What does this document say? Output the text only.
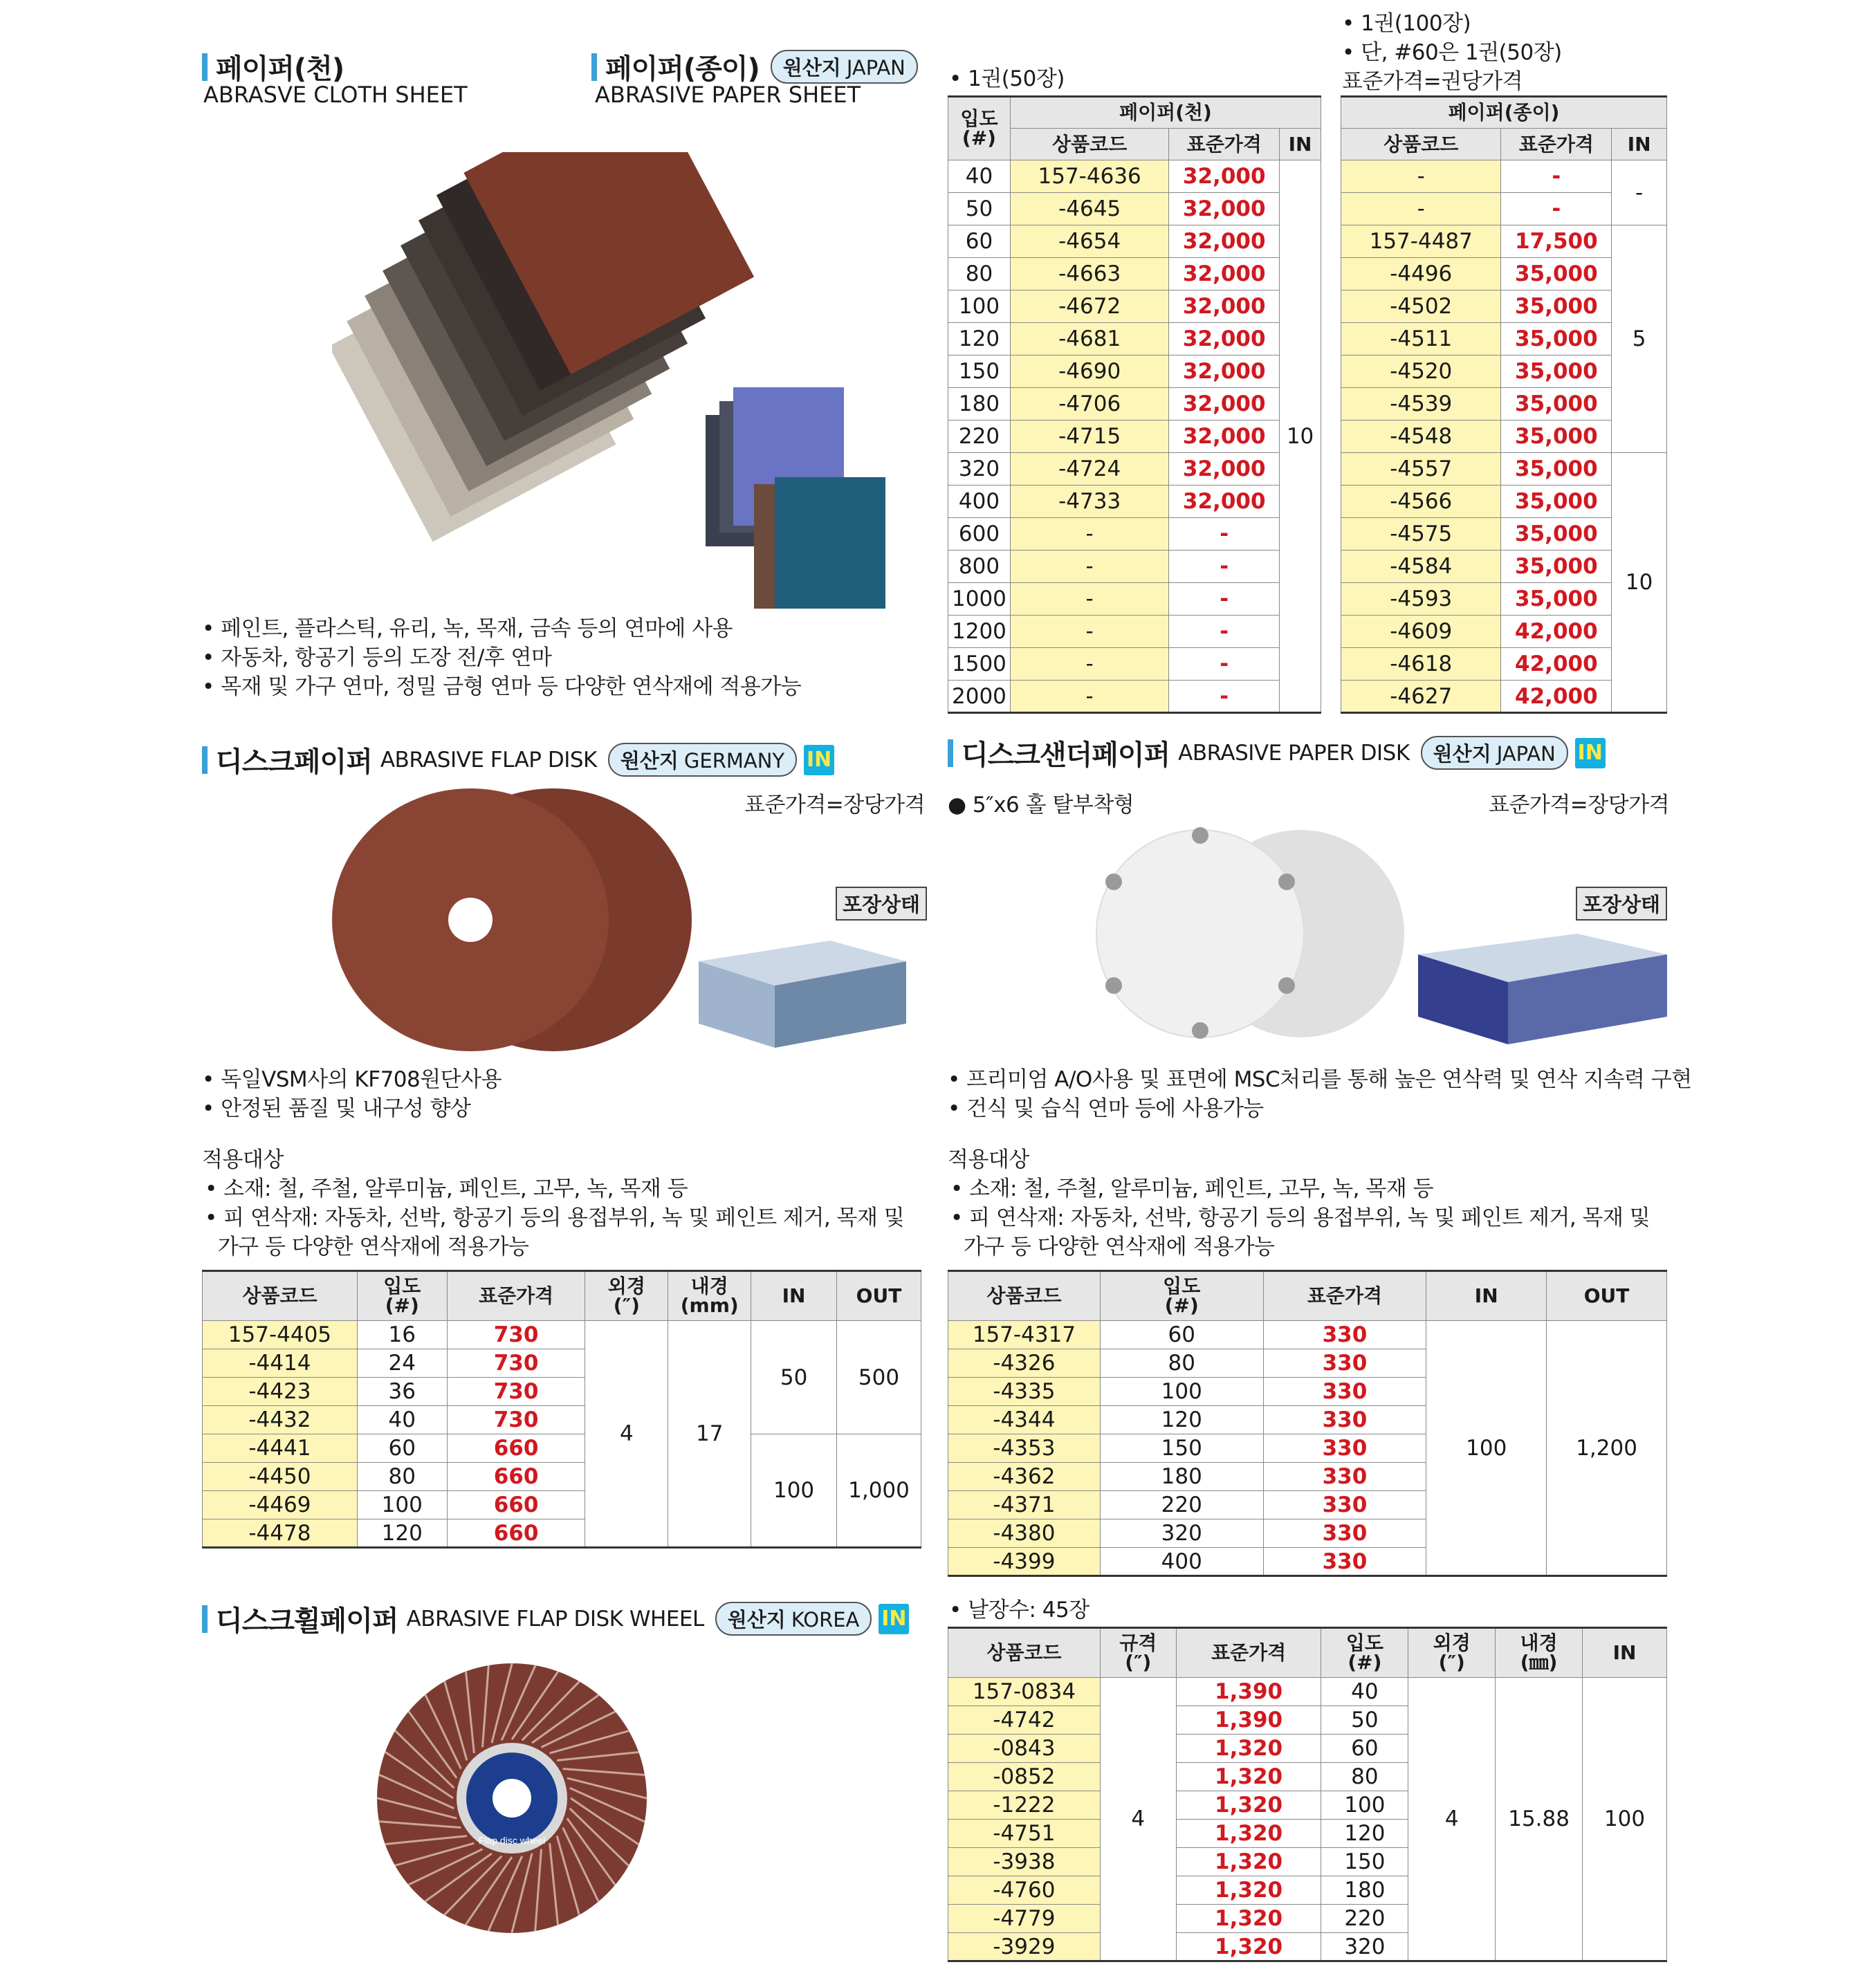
페이퍼(천)
ABRASVE CLOTH SHEET
페이퍼(종이)	원산지 JAPAN
ABRASIVE PAPER SHEET
• 1권(50장)
• 1권(100장)
• 단, #60은 1권(50장)
표준가격=권당가격
• 페인트, 플라스틱, 유리, 녹, 목재, 금속 등의 연마에 사용
• 자동차, 항공기 등의 도장 전/후 연마
• 목재 및 가구 연마, 정밀 금형 연마 등 다양한 연삭재에 적용가능
입도
(#)	페이퍼(천)		
	상품코드	표준가격	IN
40	157-4636	32,000	10
50	-4645	32,000	
60	-4654	32,000	
80	-4663	32,000	
100	-4672	32,000	
120	-4681	32,000	
150	-4690	32,000	
180	-4706	32,000	
220	-4715	32,000	
320	-4724	32,000	
400	-4733	32,000	
600	-	-	
800	-	-	
1000	-	-	
1200	-	-	
1500	-	-	
2000	-	-	
페이퍼(종이)		
상품코드	표준가격	IN
-	-	-
-	-	
157-4487	17,500	5
-4496	35,000	
-4502	35,000	
-4511	35,000	
-4520	35,000	
-4539	35,000	
-4548	35,000	
-4557	35,000	10
-4566	35,000	
-4575	35,000	
-4584	35,000	
-4593	35,000	
-4609	42,000	
-4618	42,000	
-4627	42,000	
디스크페이퍼 ABRASIVE FLAP DISK	원산지 GERMANY	IN
표준가격=장당가격
포장상태
• 독일VSM사의 KF708원단사용
• 안정된 품질 및 내구성 향상
적용대상
• 소재: 철, 주철, 알루미늄, 페인트, 고무, 녹, 목재 등
• 피 연삭재: 자동차, 선박, 항공기 등의 용접부위, 녹 및 페인트 제거, 목재 및
가구 등 다양한 연삭재에 적용가능
상품코드	입도
(#)	표준가격	외경
(″)	내경
(mm)	IN	OUT
157-4405	16	730	4	17	50	500
-4414	24	730				
-4423	36	730				
-4432	40	730				
-4441	60	660			100	1,000
-4450	80	660				
-4469	100	660				
-4478	120	660				
디스크샌더페이퍼 ABRASIVE PAPER DISK	원산지 JAPAN	IN
● 5″x6 홀 탈부착형	표준가격=장당가격
포장상태
• 프리미엄 A/O사용 및 표면에 MSC처리를 통해 높은 연삭력 및 연삭 지속력 구현
• 건식 및 습식 연마 등에 사용가능
적용대상
• 소재: 철, 주철, 알루미늄, 페인트, 고무, 녹, 목재 등
• 피 연삭재: 자동차, 선박, 항공기 등의 용접부위, 녹 및 페인트 제거, 목재 및
가구 등 다양한 연삭재에 적용가능
상품코드	입도
(#)	표준가격	IN	OUT
157-4317	60	330	100	1,200
-4326	80	330		
-4335	100	330		
-4344	120	330		
-4353	150	330		
-4362	180	330		
-4371	220	330		
-4380	320	330		
-4399	400	330		
디스크휠페이퍼 ABRASIVE FLAP DISK WHEEL	원산지 KOREA	IN • 날장수: 45장
Flap disc wheel
상품코드	규격
(″)	표준가격	입도
(#)	외경
(″)	내경
(㎜)	IN
157-0834	4	1,390	40	4	15.88	100
-4742		1,390	50			
-0843		1,320	60			
-0852		1,320	80			
-1222		1,320	100			
-4751		1,320	120			
-3938		1,320	150			
-4760		1,320	180			
-4779		1,320	220			
-3929		1,320	320			
